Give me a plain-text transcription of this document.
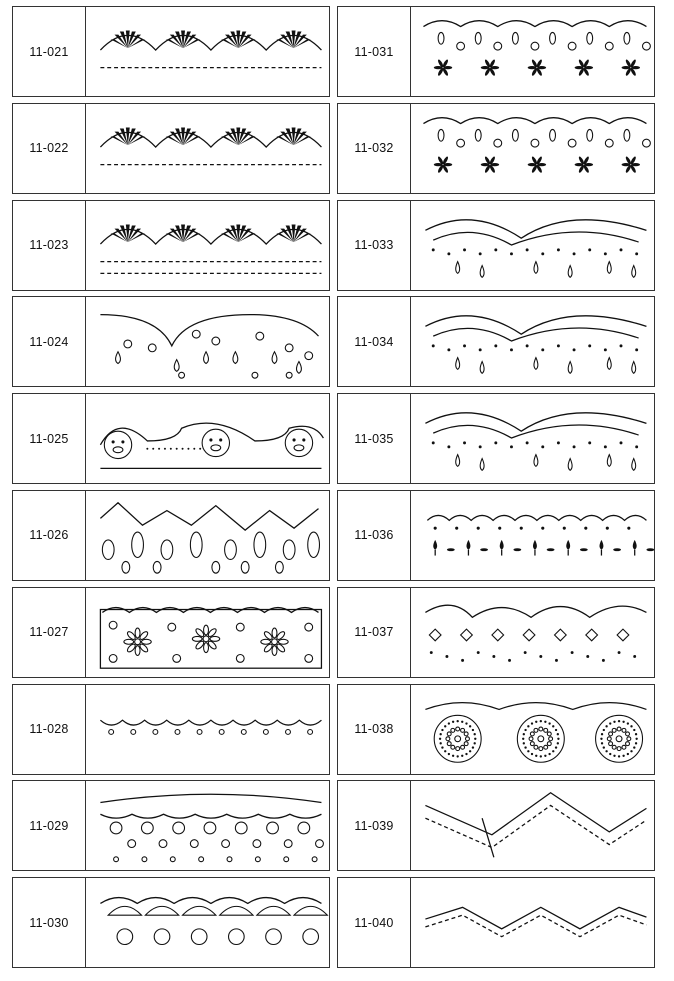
11-021
11-022
11-023
11-024
11-025
11-026
11-027
11-028
11-029
11-030
11-031
11-032
11-033
11-034
11-035
11-036
11-037
11-038
11-039
11-040
